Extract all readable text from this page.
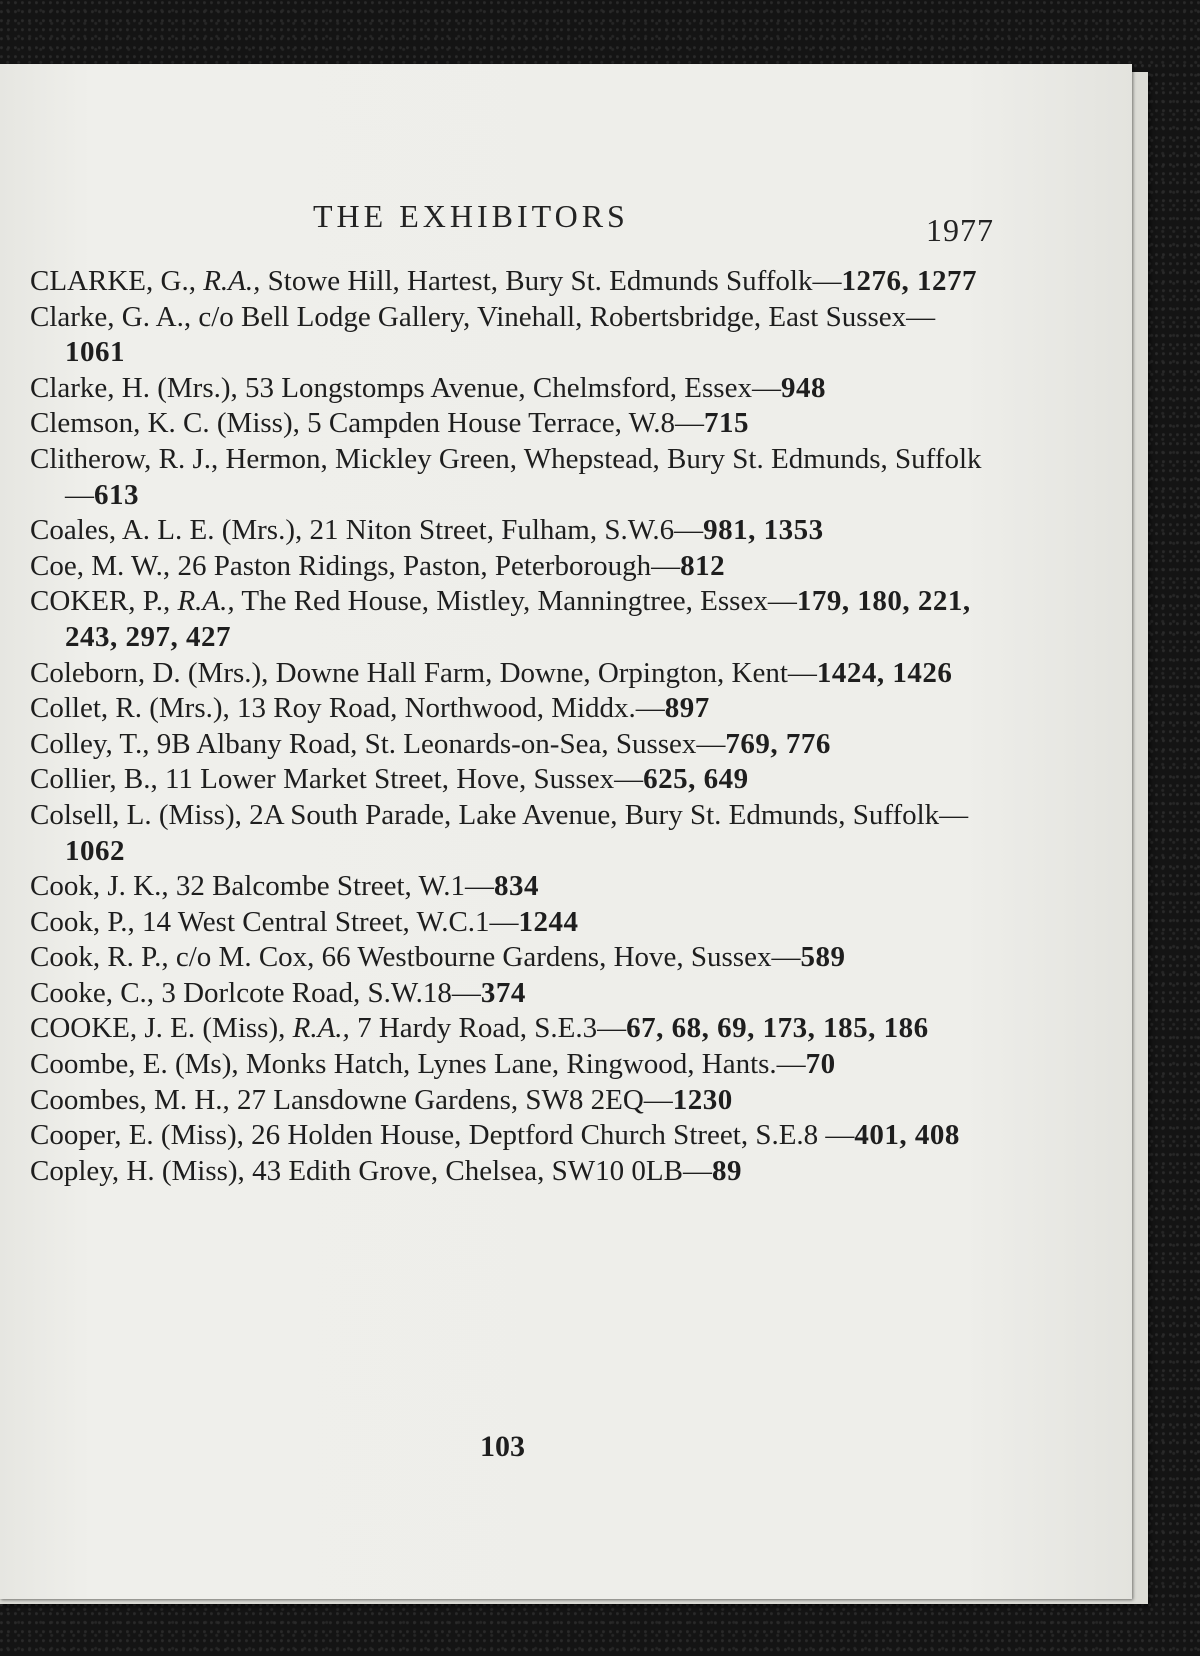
THE EXHIBITORS	1977
CLARKE, G., R.A., Stowe Hill, Hartest, Bury St. Edmunds Suffolk—1276, 1277
Clarke, G. A., c/o Bell Lodge Gallery, Vinehall, Robertsbridge, East Sussex—1061
Clarke, H. (Mrs.), 53 Longstomps Avenue, Chelmsford, Essex—948
Clemson, K. C. (Miss), 5 Campden House Terrace, W.8—715
Clitherow, R. J., Hermon, Mickley Green, Whepstead, Bury St. Edmunds, Suffolk—613
Coales, A. L. E. (Mrs.), 21 Niton Street, Fulham, S.W.6—981, 1353
Coe, M. W., 26 Paston Ridings, Paston, Peterborough—812
COKER, P., R.A., The Red House, Mistley, Manningtree, Essex—179, 180, 221, 243, 297, 427
Coleborn, D. (Mrs.), Downe Hall Farm, Downe, Orpington, Kent—1424, 1426
Collet, R. (Mrs.), 13 Roy Road, Northwood, Middx.—897
Colley, T., 9B Albany Road, St. Leonards-on-Sea, Sussex—769, 776
Collier, B., 11 Lower Market Street, Hove, Sussex—625, 649
Colsell, L. (Miss), 2A South Parade, Lake Avenue, Bury St. Edmunds, Suffolk—1062
Cook, J. K., 32 Balcombe Street, W.1—834
Cook, P., 14 West Central Street, W.C.1—1244
Cook, R. P., c/o M. Cox, 66 Westbourne Gardens, Hove, Sussex—589
Cooke, C., 3 Dorlcote Road, S.W.18—374
COOKE, J. E. (Miss), R.A., 7 Hardy Road, S.E.3—67, 68, 69, 173, 185, 186
Coombe, E. (Ms), Monks Hatch, Lynes Lane, Ringwood, Hants.—70
Coombes, M. H., 27 Lansdowne Gardens, SW8 2EQ—1230
Cooper, E. (Miss), 26 Holden House, Deptford Church Street, S.E.8 —401, 408
Copley, H. (Miss), 43 Edith Grove, Chelsea, SW10 0LB—89
103
